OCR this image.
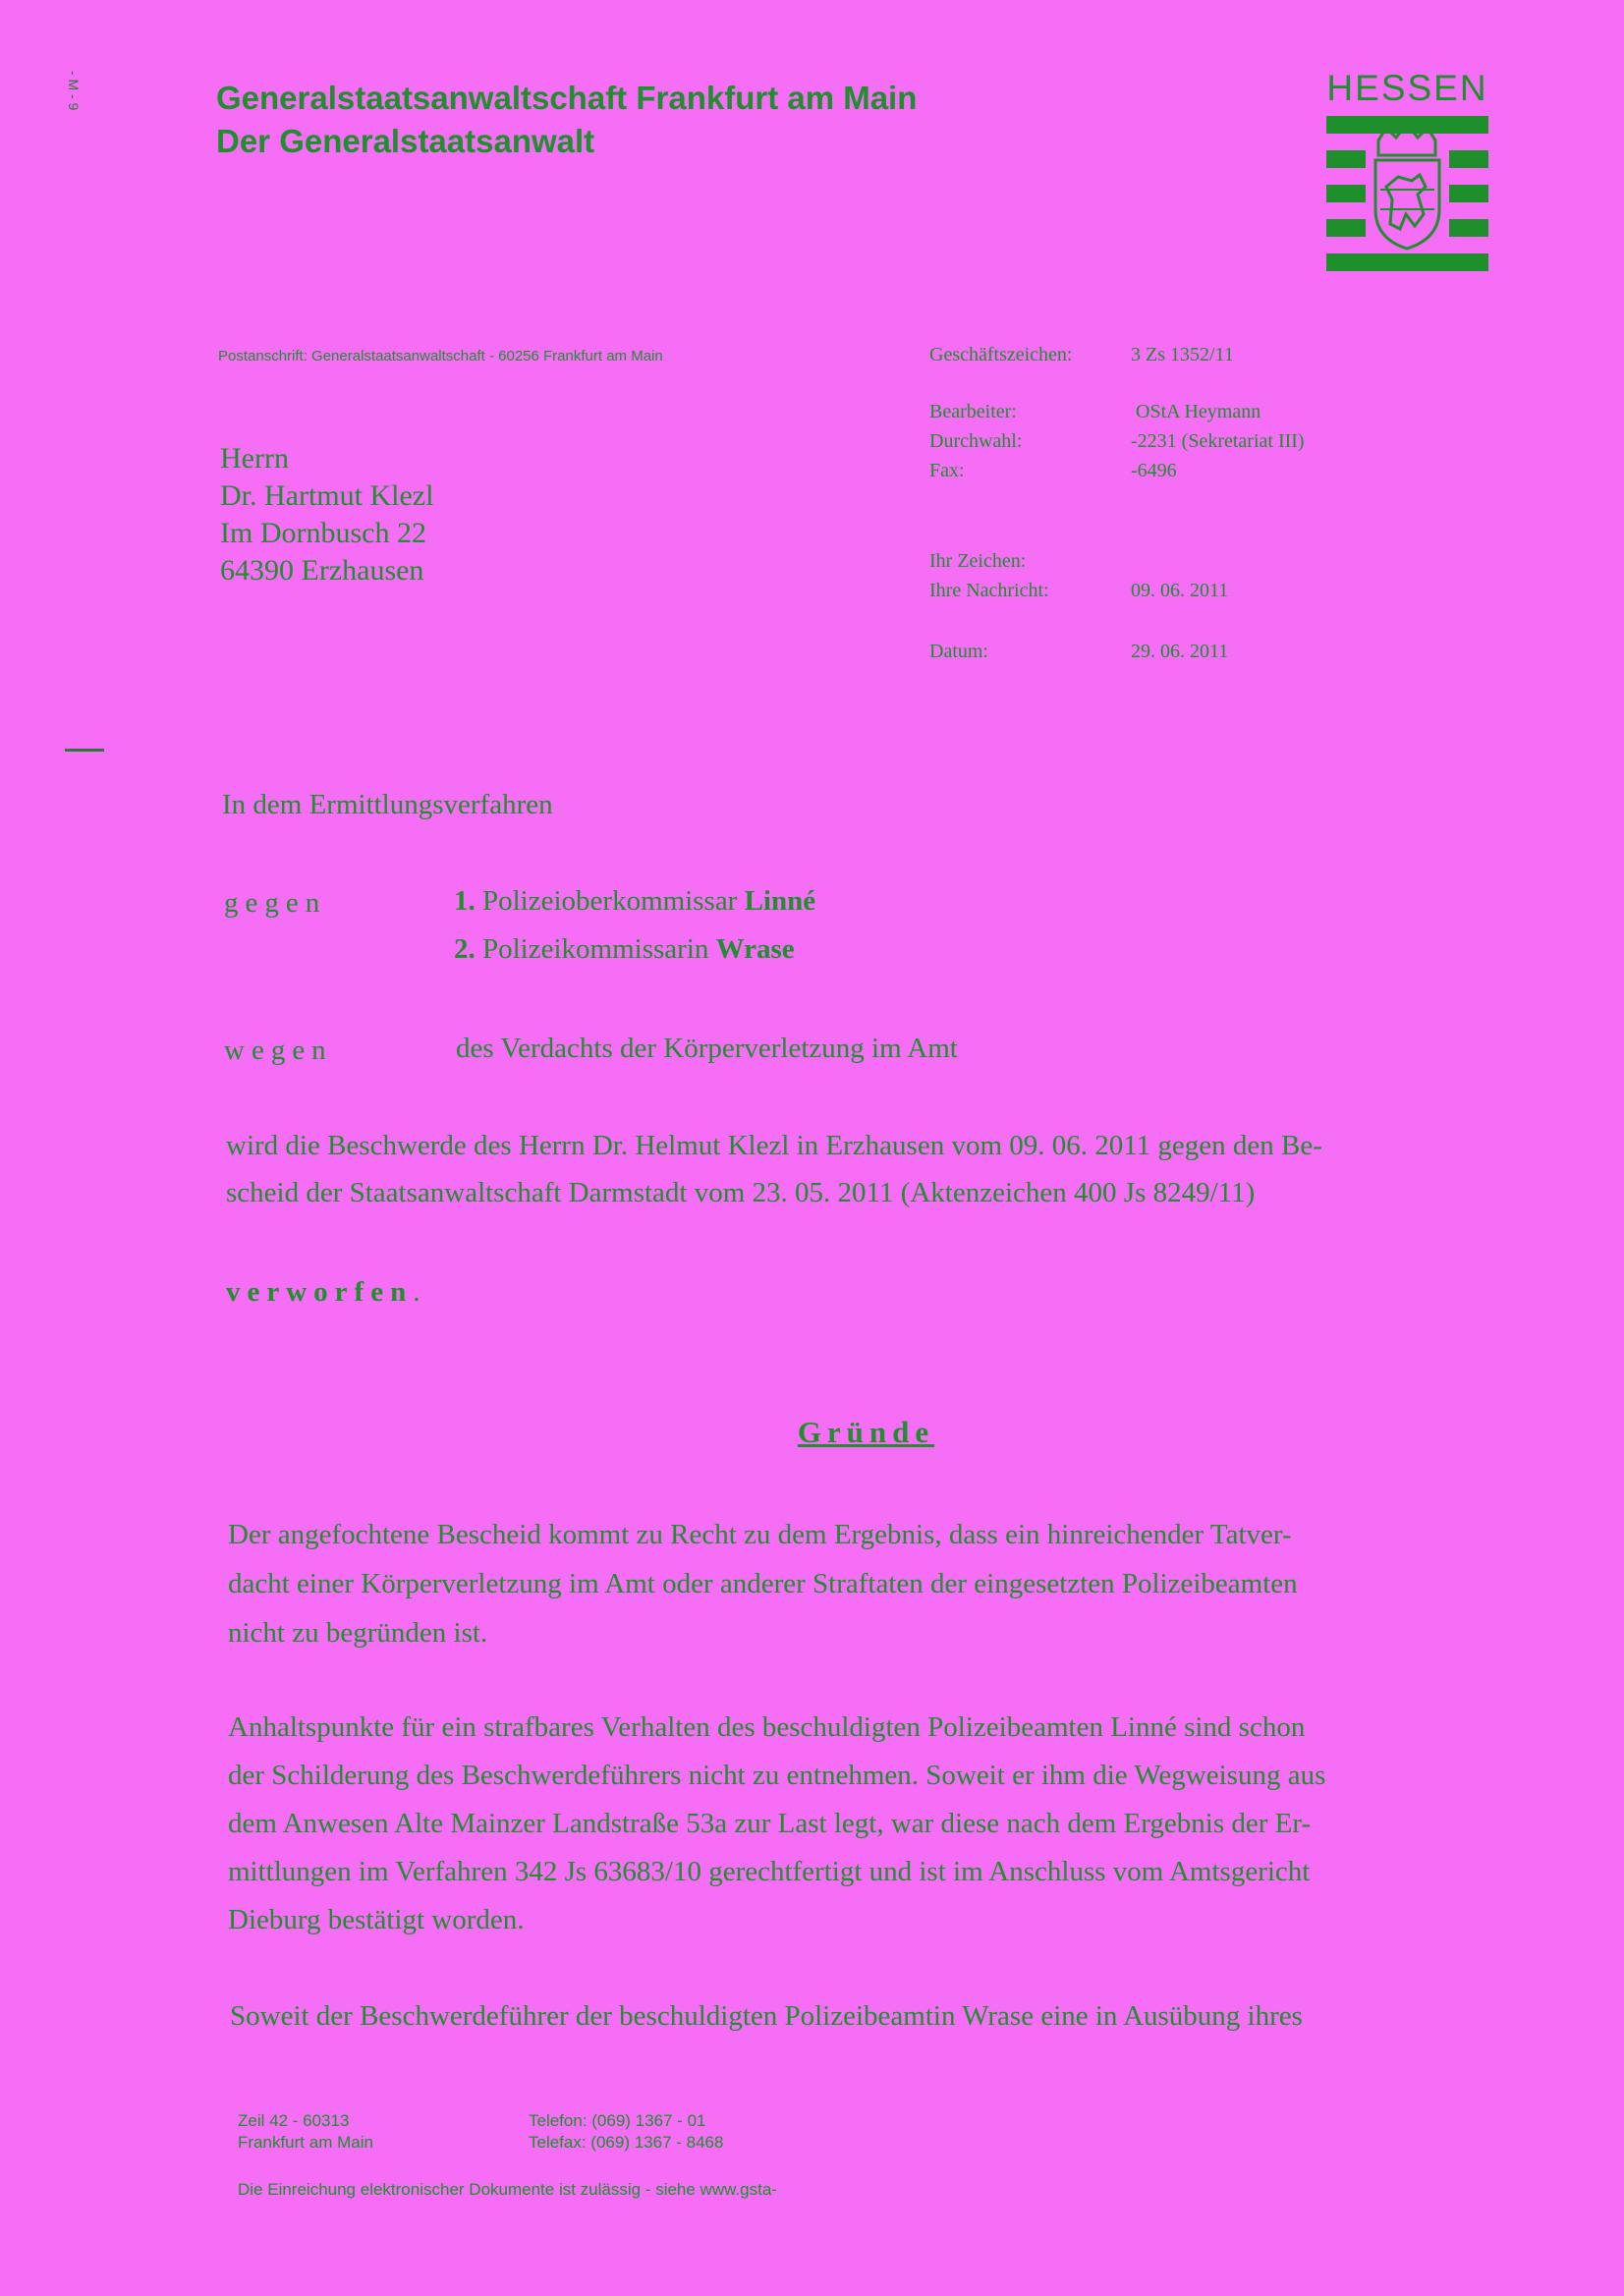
- M - 9	Generalstaatsanwaltschaft Frankfurt am Main
Der Generalstaatsanwalt
HESSEN
Postanschrift: Generalstaatsanwaltschaft - 60256 Frankfurt am Main
Herrn
Dr. Hartmut Klezl
Im Dornbusch 22
64390 Erzhausen
Geschäftszeichen:	3 Zs 1352/11
Bearbeiter:	OStA Heymann
Durchwahl:	-2231 (Sekretariat III)
Fax:	-6496
Ihr Zeichen:
Ihre Nachricht:	09. 06. 2011
Datum:	29. 06. 2011
In dem Ermittlungsverfahren
gegen	1. Polizeioberkommissar Linné
2. Polizeikommissarin Wrase
wegen	des Verdachts der Körperverletzung im Amt
wird die Beschwerde des Herrn Dr. Helmut Klezl in Erzhausen vom 09. 06. 2011 gegen den Be-
scheid der Staatsanwaltschaft Darmstadt vom 23. 05. 2011 (Aktenzeichen 400 Js 8249/11)
verworfen.
Gründe
Der angefochtene Bescheid kommt zu Recht zu dem Ergebnis, dass ein hinreichender Tatver-
dacht einer Körperverletzung im Amt oder anderer Straftaten der eingesetzten Polizeibeamten
nicht zu begründen ist.
Anhaltspunkte für ein strafbares Verhalten des beschuldigten Polizeibeamten Linné sind schon
der Schilderung des Beschwerdeführers nicht zu entnehmen. Soweit er ihm die Wegweisung aus
dem Anwesen Alte Mainzer Landstraße 53a zur Last legt, war diese nach dem Ergebnis der Er-
mittlungen im Verfahren 342 Js 63683/10 gerechtfertigt und ist im Anschluss vom Amtsgericht
Dieburg bestätigt worden.
Soweit der Beschwerdeführer der beschuldigten Polizeibeamtin Wrase eine in Ausübung ihres
Zeil 42 - 60313
Frankfurt am Main
Telefon: (069) 1367 - 01
Telefax: (069) 1367 - 8468
Die Einreichung elektronischer Dokumente ist zulässig - siehe www.gsta-
